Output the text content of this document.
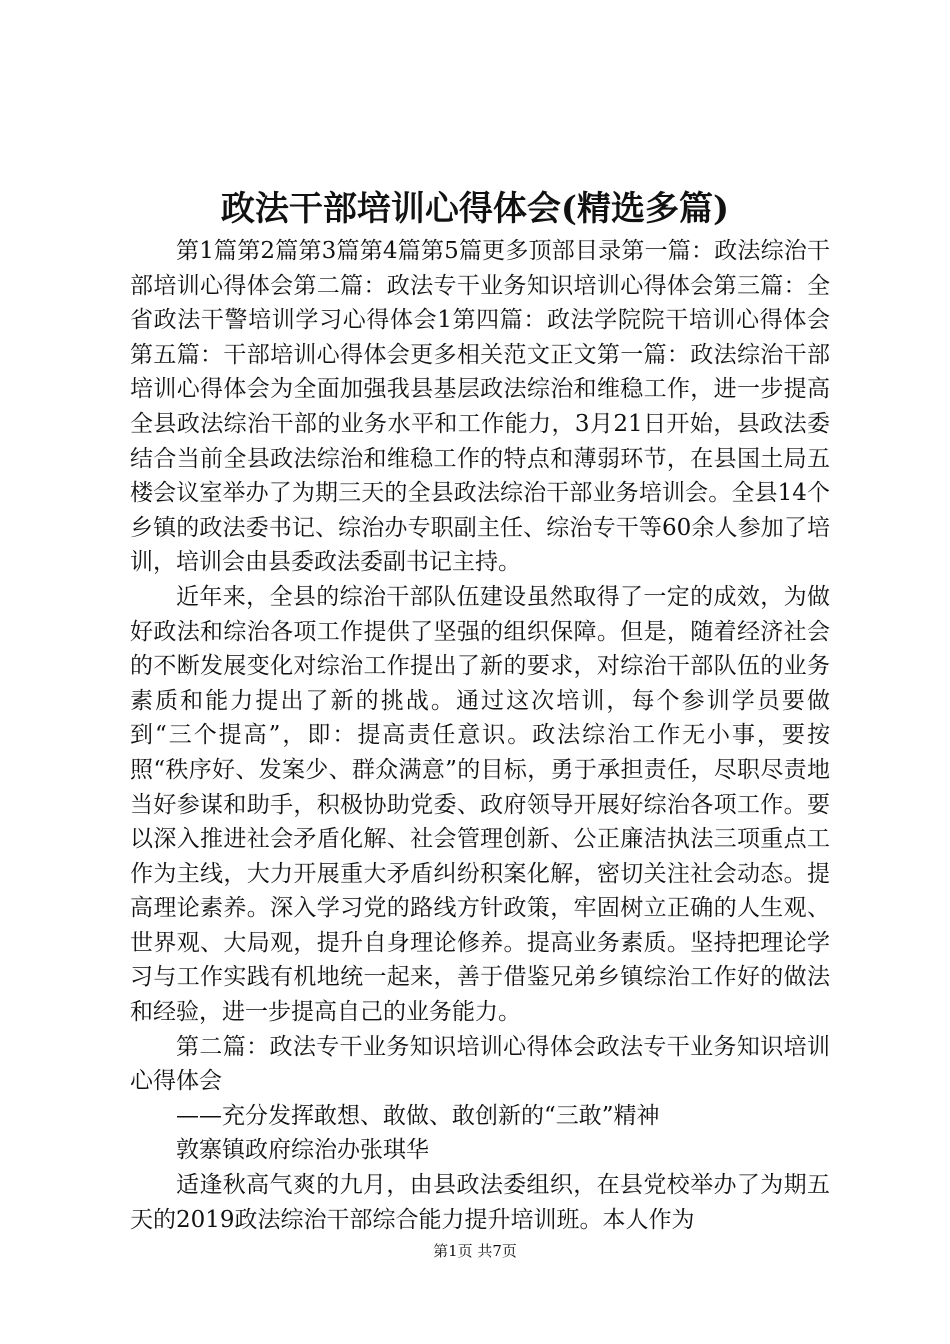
政法干部培训心得体会(精选多篇)

第1篇第2篇第3篇第4篇第5篇更多顶部目录第一篇：政法综治干部培训心得体会第二篇：政法专干业务知识培训心得体会第三篇：全省政法干警培训学习心得体会1第四篇：政法学院院干培训心得体会第五篇：干部培训心得体会更多相关范文正文第一篇：政法综治干部培训心得体会为全面加强我县基层政法综治和维稳工作，进一步提高全县政法综治干部的业务水平和工作能力，3月21日开始，县政法委结合当前全县政法综治和维稳工作的特点和薄弱环节，在县国土局五楼会议室举办了为期三天的全县政法综治干部业务培训会。全县14个乡镇的政法委书记、综治办专职副主任、综治专干等60余人参加了培训，培训会由县委政法委副书记主持。

近年来，全县的综治干部队伍建设虽然取得了一定的成效，为做好政法和综治各项工作提供了坚强的组织保障。但是，随着经济社会的不断发展变化对综治工作提出了新的要求，对综治干部队伍的业务素质和能力提出了新的挑战。通过这次培训，每个参训学员要做到“三个提高”，即：提高责任意识。政法综治工作无小事，要按照“秩序好、发案少、群众满意”的目标，勇于承担责任，尽职尽责地当好参谋和助手，积极协助党委、政府领导开展好综治各项工作。要以深入推进社会矛盾化解、社会管理创新、公正廉洁执法三项重点工作为主线，大力开展重大矛盾纠纷积案化解，密切关注社会动态。提高理论素养。深入学习党的路线方针政策，牢固树立正确的人生观、世界观、大局观，提升自身理论修养。提高业务素质。坚持把理论学习与工作实践有机地统一起来，善于借鉴兄弟乡镇综治工作好的做法和经验，进一步提高自己的业务能力。

第二篇：政法专干业务知识培训心得体会政法专干业务知识培训心得体会

——充分发挥敢想、敢做、敢创新的“三敢”精神

敦寨镇政府综治办张琪华

适逢秋高气爽的九月，由县政法委组织，在县党校举办了为期五天的2019政法综治干部综合能力提升培训班。本人作为

第1页 共7页
